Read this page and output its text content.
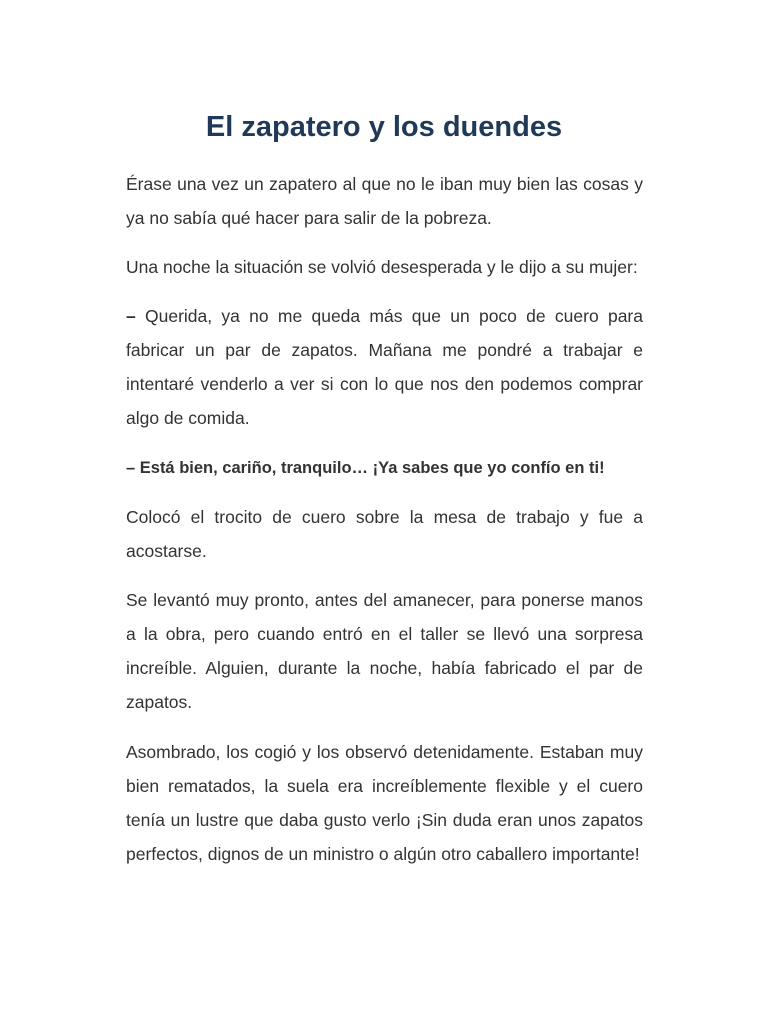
El zapatero y los duendes

Érase una vez un zapatero al que no le iban muy bien las cosas y ya no sabía qué hacer para salir de la pobreza.

Una noche la situación se volvió desesperada y le dijo a su mujer:

– Querida, ya no me queda más que un poco de cuero para fabricar un par de zapatos. Mañana me pondré a trabajar e intentaré venderlo a ver si con lo que nos den podemos comprar algo de comida.

– Está bien, cariño, tranquilo… ¡Ya sabes que yo confío en ti!

Colocó el trocito de cuero sobre la mesa de trabajo y fue a acostarse.

Se levantó muy pronto, antes del amanecer, para ponerse manos a la obra, pero cuando entró en el taller se llevó una sorpresa increíble. Alguien, durante la noche, había fabricado el par de zapatos.

Asombrado, los cogió y los observó detenidamente. Estaban muy bien rematados, la suela era increíblemente flexible y el cuero tenía un lustre que daba gusto verlo ¡Sin duda eran unos zapatos perfectos, dignos de un ministro o algún otro caballero importante!
